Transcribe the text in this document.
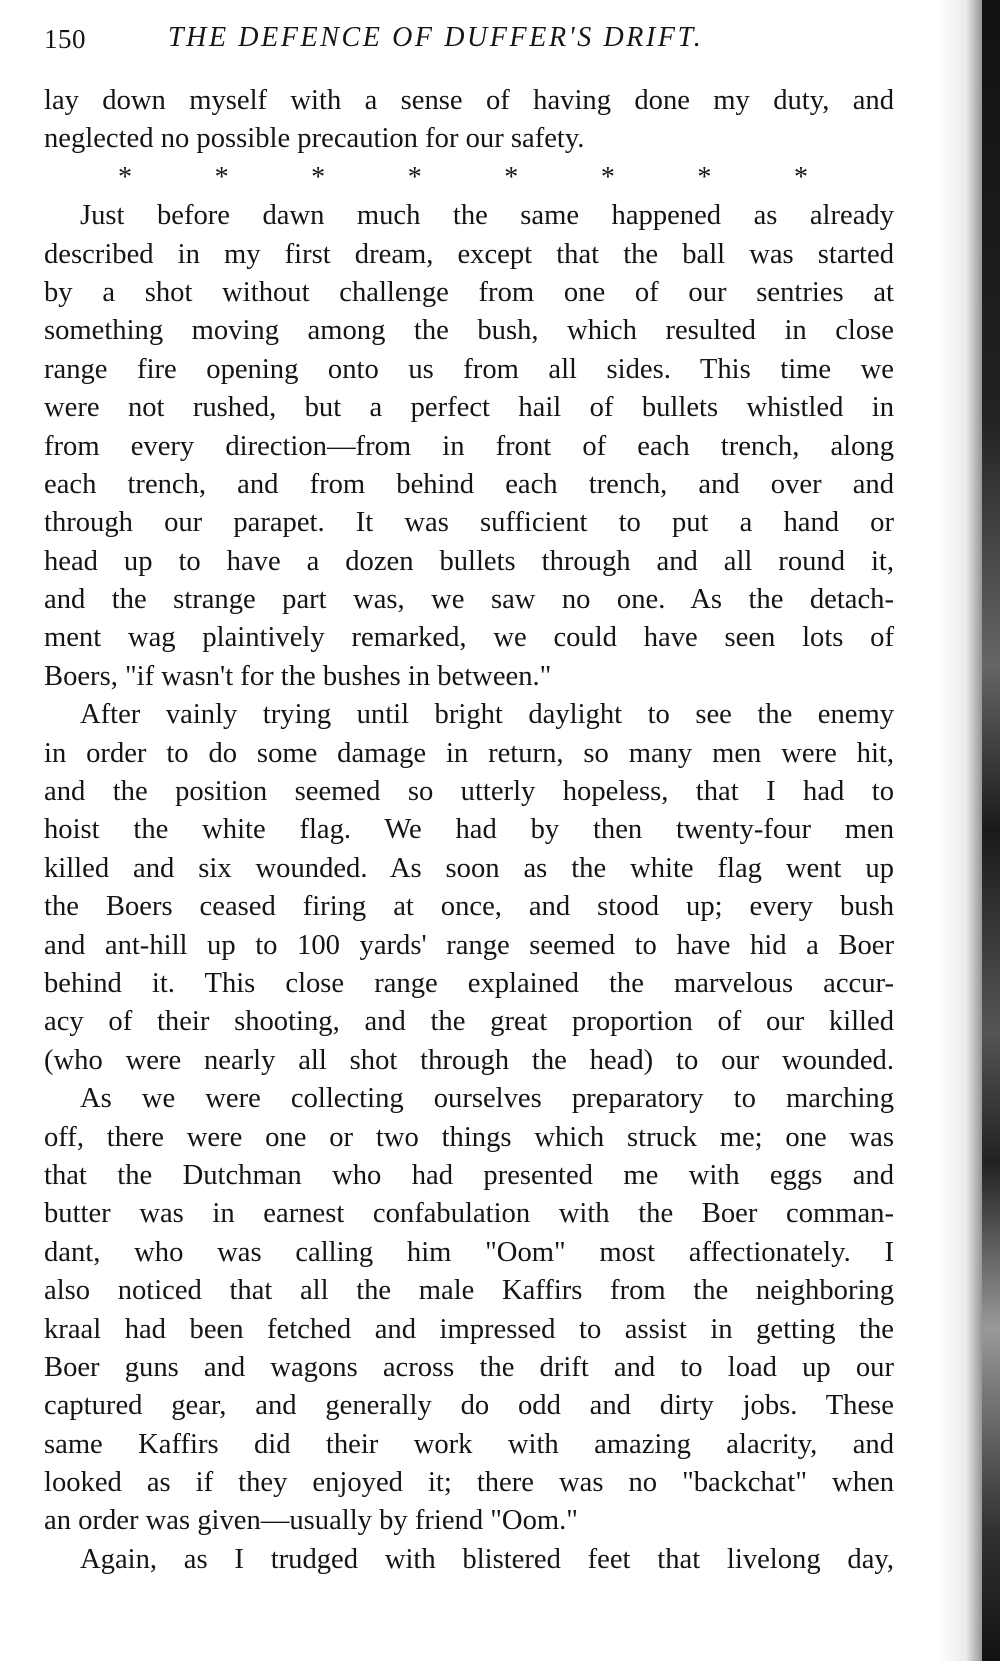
150	THE DEFENCE OF DUFFER'S DRIFT.
lay down myself with a sense of having done my duty, and
neglected no possible precaution for our safety.
*	*	*	*	*	*	*	*
Just before dawn much the same happened as already
described in my first dream, except that the ball was started
by a shot without challenge from one of our sentries at
something moving among the bush, which resulted in close
range fire opening onto us from all sides. This time we
were not rushed, but a perfect hail of bullets whistled in
from every direction—from in front of each trench, along
each trench, and from behind each trench, and over and
through our parapet. It was sufficient to put a hand or
head up to have a dozen bullets through and all round it,
and the strange part was, we saw no one. As the detach-
ment wag plaintively remarked, we could have seen lots of
Boers, "if wasn't for the bushes in between."
After vainly trying until bright daylight to see the enemy
in order to do some damage in return, so many men were hit,
and the position seemed so utterly hopeless, that I had to
hoist the white flag. We had by then twenty-four men
killed and six wounded. As soon as the white flag went up
the Boers ceased firing at once, and stood up; every bush
and ant-hill up to 100 yards' range seemed to have hid a Boer
behind it. This close range explained the marvelous accur-
acy of their shooting, and the great proportion of our killed
(who were nearly all shot through the head) to our wounded.
As we were collecting ourselves preparatory to marching
off, there were one or two things which struck me; one was
that the Dutchman who had presented me with eggs and
butter was in earnest confabulation with the Boer comman-
dant, who was calling him "Oom" most affectionately. I
also noticed that all the male Kaffirs from the neighboring
kraal had been fetched and impressed to assist in getting the
Boer guns and wagons across the drift and to load up our
captured gear, and generally do odd and dirty jobs. These
same Kaffirs did their work with amazing alacrity, and
looked as if they enjoyed it; there was no "backchat" when
an order was given—usually by friend "Oom."
Again, as I trudged with blistered feet that livelong day,
